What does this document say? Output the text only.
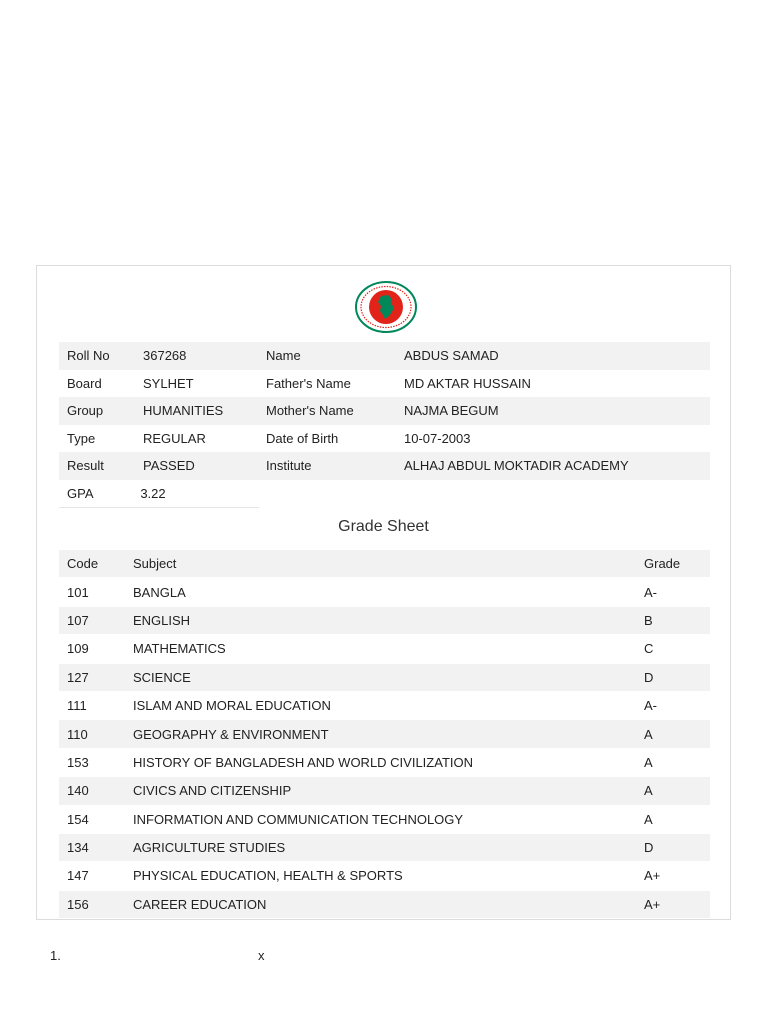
Roll No	367268	Name	ABDUS SAMAD
Board	SYLHET	Father's Name	MD AKTAR HUSSAIN
Group	HUMANITIES	Mother's Name	NAJMA BEGUM
Type	REGULAR	Date of Birth	10-07-2003
Result	PASSED	Institute	ALHAJ ABDUL MOKTADIR ACADEMY
GPA	3.22
Grade Sheet
Code	Subject	Grade
101	BANGLA	A-
107	ENGLISH	B
109	MATHEMATICS	C
127	SCIENCE	D
111	ISLAM AND MORAL EDUCATION	A-
110	GEOGRAPHY & ENVIRONMENT	A
153	HISTORY OF BANGLADESH AND WORLD CIVILIZATION	A
140	CIVICS AND CITIZENSHIP	A
154	INFORMATION AND COMMUNICATION TECHNOLOGY	A
134	AGRICULTURE STUDIES	D
147	PHYSICAL EDUCATION, HEALTH & SPORTS	A+
156	CAREER EDUCATION	A+
1.	x
